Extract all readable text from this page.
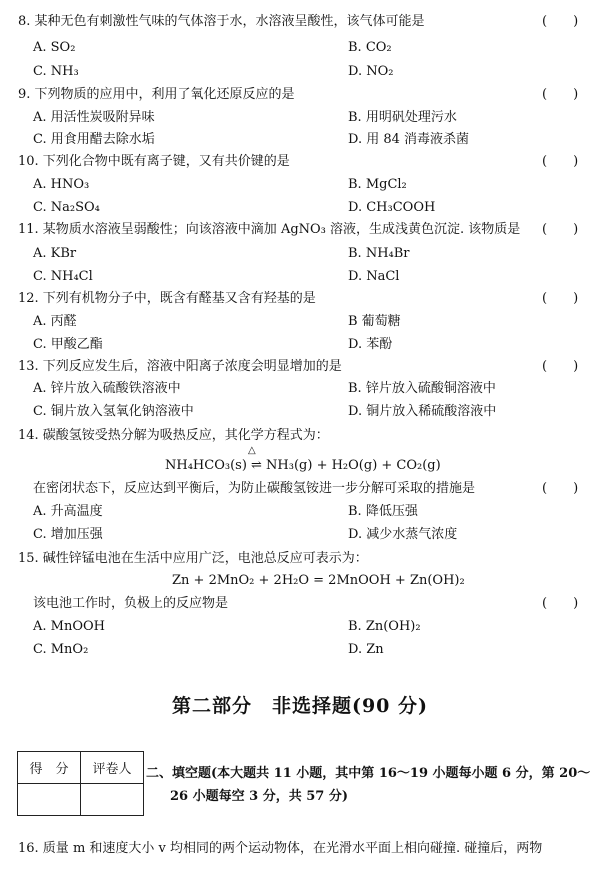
8. 某种无色有刺激性气味的气体溶于水，水溶液呈酸性，该气体可能是	(　　)
A. SO₂	B. CO₂
C. NH₃	D. NO₂
9. 下列物质的应用中，利用了氧化还原反应的是	(　　)
A. 用活性炭吸附异味	B. 用明矾处理污水
C. 用食用醋去除水垢	D. 用 84 消毒液杀菌
10. 下列化合物中既有离子键，又有共价键的是	(　　)
A. HNO₃	B. MgCl₂
C. Na₂SO₄	D. CH₃COOH
11. 某物质水溶液呈弱酸性；向该溶液中滴加 AgNO₃ 溶液，生成浅黄色沉淀. 该物质是 (　　)
A. KBr	B. NH₄Br
C. NH₄Cl	D. NaCl
12. 下列有机物分子中，既含有醛基又含有羟基的是	(　　)
A. 丙醛	B 葡萄糖
C. 甲酸乙酯	D. 苯酚
13. 下列反应发生后，溶液中阳离子浓度会明显增加的是	(　　)
A. 锌片放入硫酸铁溶液中	B. 锌片放入硫酸铜溶液中
C. 铜片放入氢氧化钠溶液中	D. 铜片放入稀硫酸溶液中
14. 碳酸氢铵受热分解为吸热反应，其化学方程式为：
△
NH₄HCO₃(s) ⇌ NH₃(g) + H₂O(g) + CO₂(g)
在密闭状态下，反应达到平衡后，为防止碳酸氢铵进一步分解可采取的措施是	(　　)
A. 升高温度	B. 降低压强
C. 增加压强	D. 减少水蒸气浓度
15. 碱性锌锰电池在生活中应用广泛，电池总反应可表示为：
Zn + 2MnO₂ + 2H₂O = 2MnOOH + Zn(OH)₂
该电池工作时，负极上的反应物是	(　　)
A. MnOOH	B. Zn(OH)₂
C. MnO₂	D. Zn
第二部分　非选择题(90 分)
得　分	评卷人
	二、填空题(本大题共 11 小题，其中第 16～19 小题每小题 6 分，第 20～
26 小题每空 3 分，共 57 分)
16. 质量 m 和速度大小 v 均相同的两个运动物体，在光滑水平面上相向碰撞. 碰撞后，两物
